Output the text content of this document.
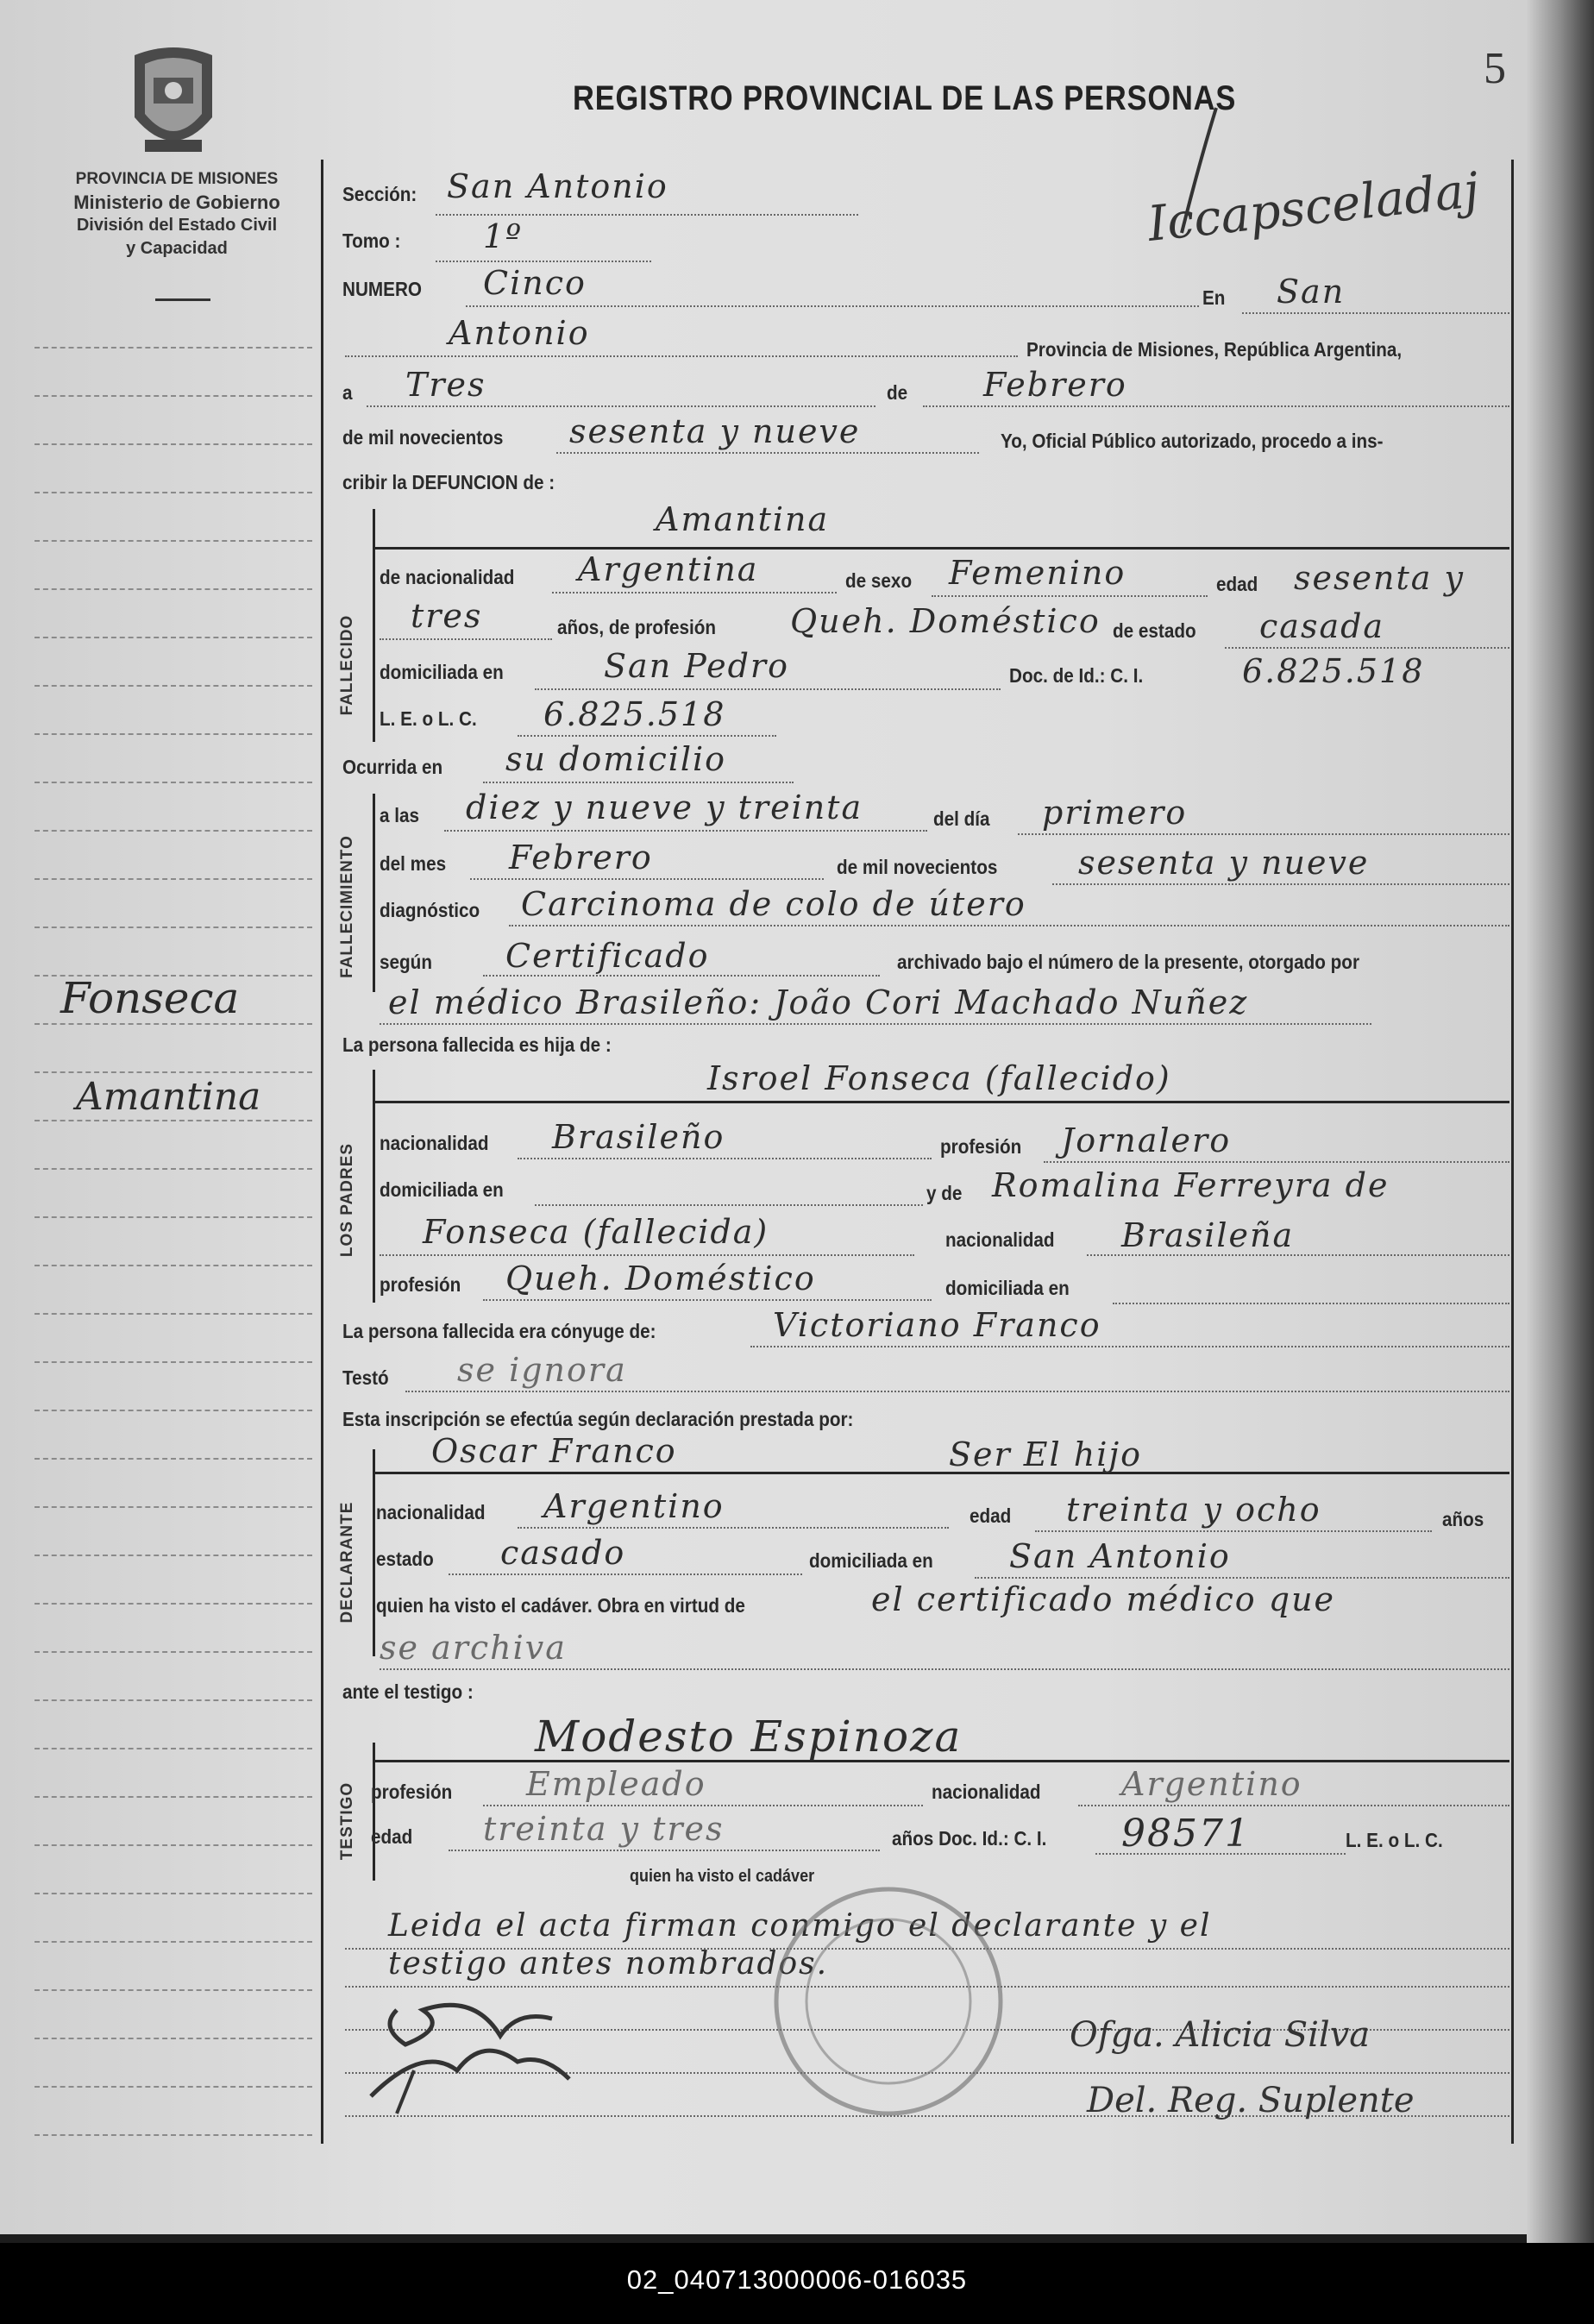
PROVINCIA DE MISIONES
Ministerio de Gobierno
División del Estado Civil
y Capacidad
Fonseca
Amantina
REGISTRO PROVINCIAL DE LAS PERSONAS
5
Sección: San Antonio	Iccapsceladaj
Tomo :	1º
NUMERO Cinco	En San
Antonio	Provincia de Misiones, República Argentina,
a Tres	de Febrero
de mil novecientos sesenta y nueve	Yo, Oficial Público autorizado, procedo a ins-
cribir la DEFUNCION de :
FALLECIDO
Amantina
de nacionalidad Argentina	de sexo Femenino	edad sesenta y
tres	años, de profesión Queh. Doméstico de estado casada
domiciliada en	San Pedro	Doc. de Id.: C. I.	6.825.518
L. E. o L. C. 6.825.518
Ocurrida en su domicilio
FALLECIMIENTO
a las diez y nueve y treinta	del día primero
del mes Febrero	de mil novecientos sesenta y nueve
diagnóstico Carcinoma de colo de útero
según Certificado	archivado bajo el número de la presente, otorgado por
el médico Brasileño: João Cori Machado Nuñez
La persona fallecida es hija de :
LOS PADRES
Isroel Fonseca (fallecido)
nacionalidad Brasileño	profesión Jornalero
domiciliada en	y de Romalina Ferreyra de
Fonseca (fallecida)	nacionalidad Brasileña
profesión Queh. Doméstico	domiciliada en
La persona fallecida era cónyuge de:	Victoriano Franco
Testó se ignora
Esta inscripción se efectúa según declaración prestada por:
DECLARANTE
Oscar Franco	Ser El hijo
nacionalidad Argentino	edad treinta y ocho	años
estado casado	domiciliada en San Antonio
quien ha visto el cadáver. Obra en virtud de	el certificado médico que
se archiva
ante el testigo :
TESTIGO
Modesto Espinoza
profesión Empleado	nacionalidad Argentino
edad treinta y tres	años Doc. Id.: C. I. 98571	L. E. o L. C.
quien ha visto el cadáver
Leida el acta firman conmigo el declarante y el
testigo antes nombrados.
Ofga. Alicia Silva
Del. Reg. Suplente
02_040713000006-016035
